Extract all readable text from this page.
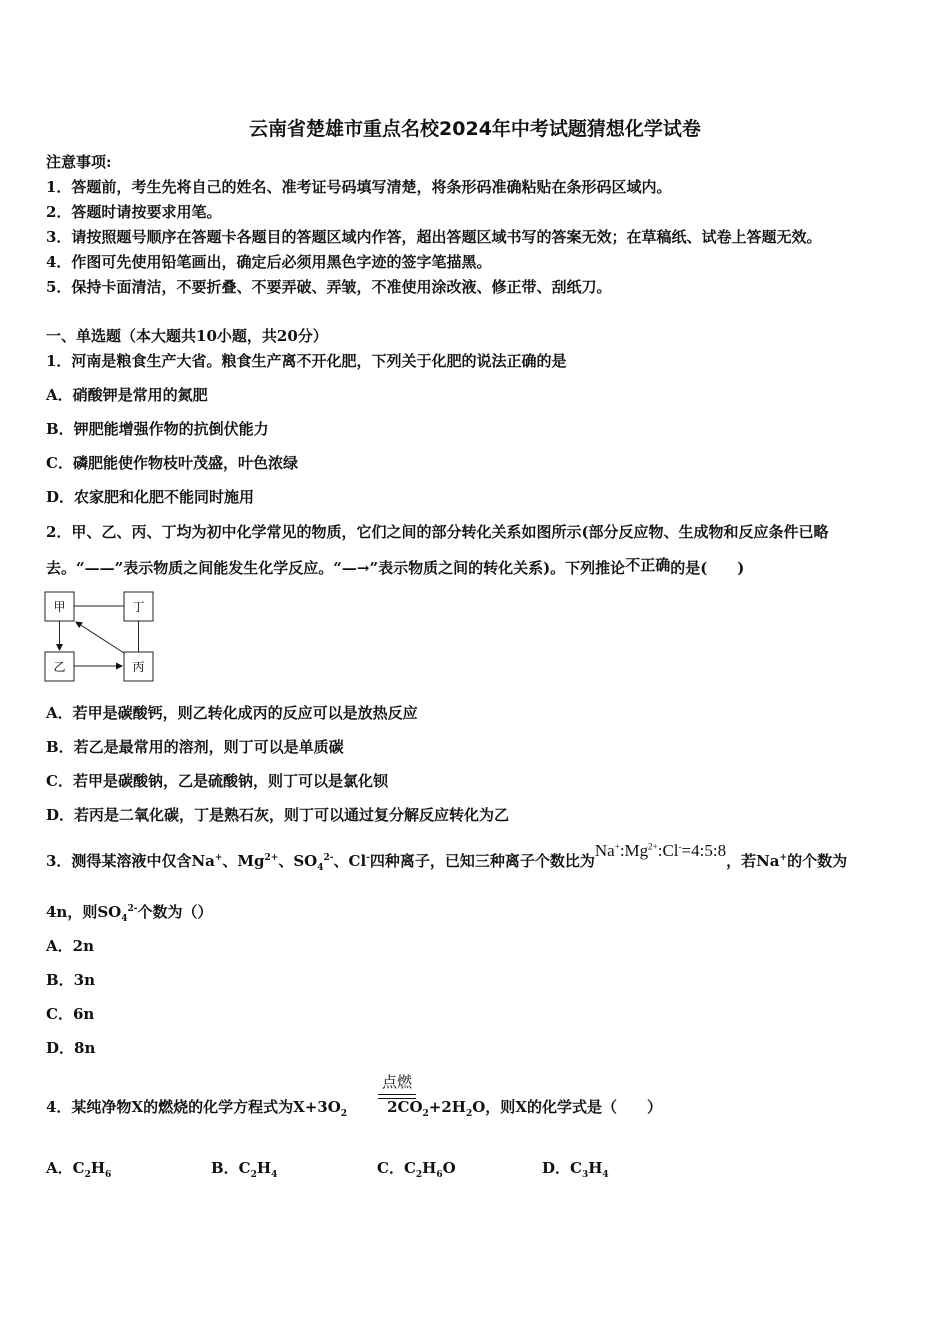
云南省楚雄市重点名校2024年中考试题猜想化学试卷
注意事项:
1．答题前，考生先将自己的姓名、准考证号码填写清楚，将条形码准确粘贴在条形码区域内。
2．答题时请按要求用笔。
3．请按照题号顺序在答题卡各题目的答题区域内作答，超出答题区域书写的答案无效；在草稿纸、试卷上答题无效。
4．作图可先使用铅笔画出，确定后必须用黑色字迹的签字笔描黑。
5．保持卡面清洁，不要折叠、不要弄破、弄皱，不准使用涂改液、修正带、刮纸刀。
一、单选题（本大题共10小题，共20分）
1．河南是粮食生产大省。粮食生产离不开化肥，下列关于化肥的说法正确的是
A．硝酸钾是常用的氮肥
B．钾肥能增强作物的抗倒伏能力
C．磷肥能使作物枝叶茂盛，叶色浓绿
D．农家肥和化肥不能同时施用
2．甲、乙、丙、丁均为初中化学常见的物质，它们之间的部分转化关系如图所示(部分反应物、生成物和反应条件已略
去。“——”表示物质之间能发生化学反应。“—→”表示物质之间的转化关系)。下列推论不正确的是(　　)
甲	丁
乙	丙
A．若甲是碳酸钙，则乙转化成丙的反应可以是放热反应
B．若乙是最常用的溶剂，则丁可以是单质碳
C．若甲是碳酸钠，乙是硫酸钠，则丁可以是氯化钡
D．若丙是二氧化碳，丁是熟石灰，则丁可以通过复分解反应转化为乙
3．测得某溶液中仅含Na+、$Mg^{2+}$、$SO_4^{2-}$、Cl-四种离子，已知三种离子个数比为$Na^+:Mg^{2+}:Cl^-=4:5:8$，若Na+的个数为
4n，则$SO_4^{2-}$个数为（）
A．2n
B．3n
C．6n
D．8n
点燃
4．某纯净物X的燃烧的化学方程式为$X+3O_2$	$2CO_2+2H_2O$，则X的化学式是（　　）
A．$C_2H_6$	B．$C_2H_4$	C．$C_2H_6O$	D．$C_3H_4$
